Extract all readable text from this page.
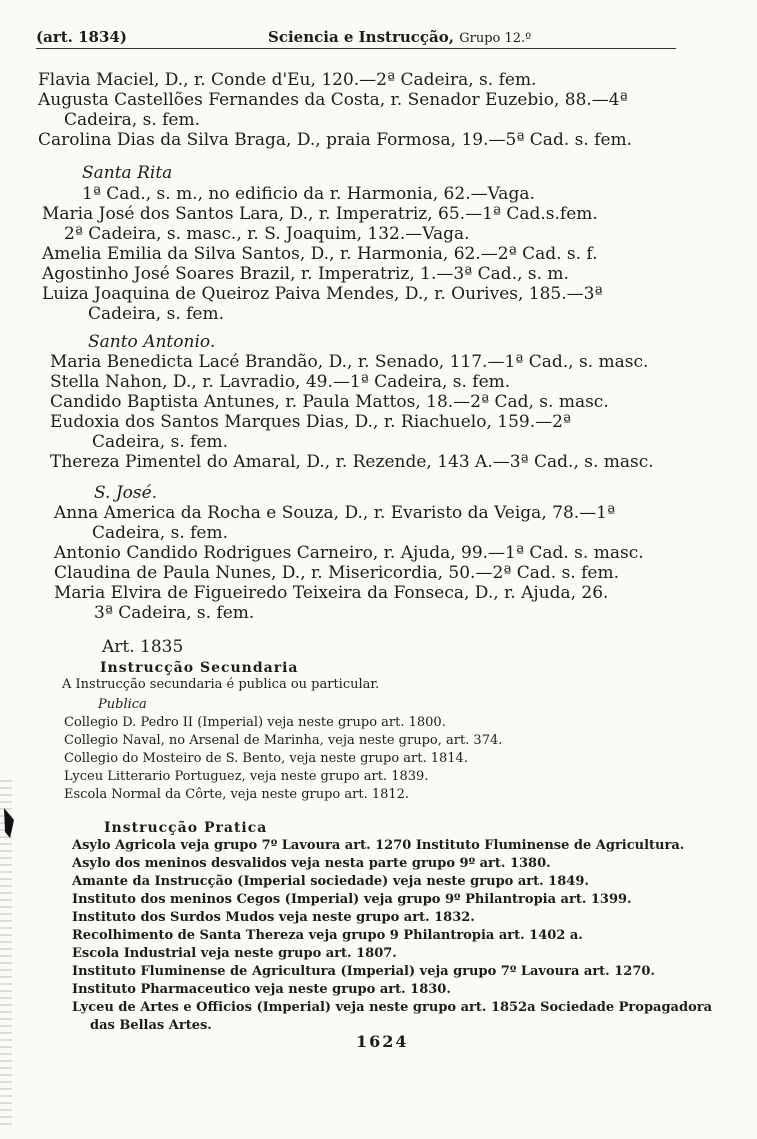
(art. 1834)	Sciencia e Instrucção, Grupo 12.º
Flavia Maciel, D., r. Conde d'Eu, 120.—2ª Cadeira, s. fem.
Augusta Castellões Fernandes da Costa, r. Senador Euzebio, 88.—4ª
Cadeira, s. fem.
Carolina Dias da Silva Braga, D., praia Formosa, 19.—5ª Cad. s. fem.
Santa Rita
1ª Cad., s. m., no edificio da r. Harmonia, 62.—Vaga.
Maria José dos Santos Lara, D., r. Imperatriz, 65.—1ª Cad.s.fem.
2ª Cadeira, s. masc., r. S. Joaquim, 132.—Vaga.
Amelia Emilia da Silva Santos, D., r. Harmonia, 62.—2ª Cad. s. f.
Agostinho José Soares Brazil, r. Imperatriz, 1.—3ª Cad., s. m.
Luiza Joaquina de Queiroz Paiva Mendes, D., r. Ourives, 185.—3ª
Cadeira, s. fem.
Santo Antonio.
Maria Benedicta Lacé Brandão, D., r. Senado, 117.—1ª Cad., s. masc.
Stella Nahon, D., r. Lavradio, 49.—1ª Cadeira, s. fem.
Candido Baptista Antunes, r. Paula Mattos, 18.—2ª Cad, s. masc.
Eudoxia dos Santos Marques Dias, D., r. Riachuelo, 159.—2ª
Cadeira, s. fem.
Thereza Pimentel do Amaral, D., r. Rezende, 143 A.—3ª Cad., s. masc.
S. José.
Anna America da Rocha e Souza, D., r. Evaristo da Veiga, 78.—1ª
Cadeira, s. fem.
Antonio Candido Rodrigues Carneiro, r. Ajuda, 99.—1ª Cad. s. masc.
Claudina de Paula Nunes, D., r. Misericordia, 50.—2ª Cad. s. fem.
Maria Elvira de Figueiredo Teixeira da Fonseca, D., r. Ajuda, 26.
3ª Cadeira, s. fem.
Art. 1835
Instrucção Secundaria
A Instrucção secundaria é publica ou particular.
Publica
Collegio D. Pedro II (Imperial) veja neste grupo art. 1800.
Collegio Naval, no Arsenal de Marinha, veja neste grupo, art. 374.
Collegio do Mosteiro de S. Bento, veja neste grupo art. 1814.
Lyceu Litterario Portuguez, veja neste grupo art. 1839.
Escola Normal da Côrte, veja neste grupo art. 1812.
Instrucção Pratica
Asylo Agricola veja grupo 7º Lavoura art. 1270 Instituto Fluminense de Agricultura.
Asylo dos meninos desvalidos veja nesta parte grupo 9º art. 1380.
Amante da Instrucção (Imperial sociedade) veja neste grupo art. 1849.
Instituto dos meninos Cegos (Imperial) veja grupo 9º Philantropia art. 1399.
Instituto dos Surdos Mudos veja neste grupo art. 1832.
Recolhimento de Santa Thereza veja grupo 9 Philantropia art. 1402 a.
Escola Industrial veja neste grupo art. 1807.
Instituto Fluminense de Agricultura (Imperial) veja grupo 7º Lavoura art. 1270.
Instituto Pharmaceutico veja neste grupo art. 1830.
Lyceu de Artes e Officios (Imperial) veja neste grupo art. 1852a Sociedade Propagadora
das Bellas Artes.
1624
